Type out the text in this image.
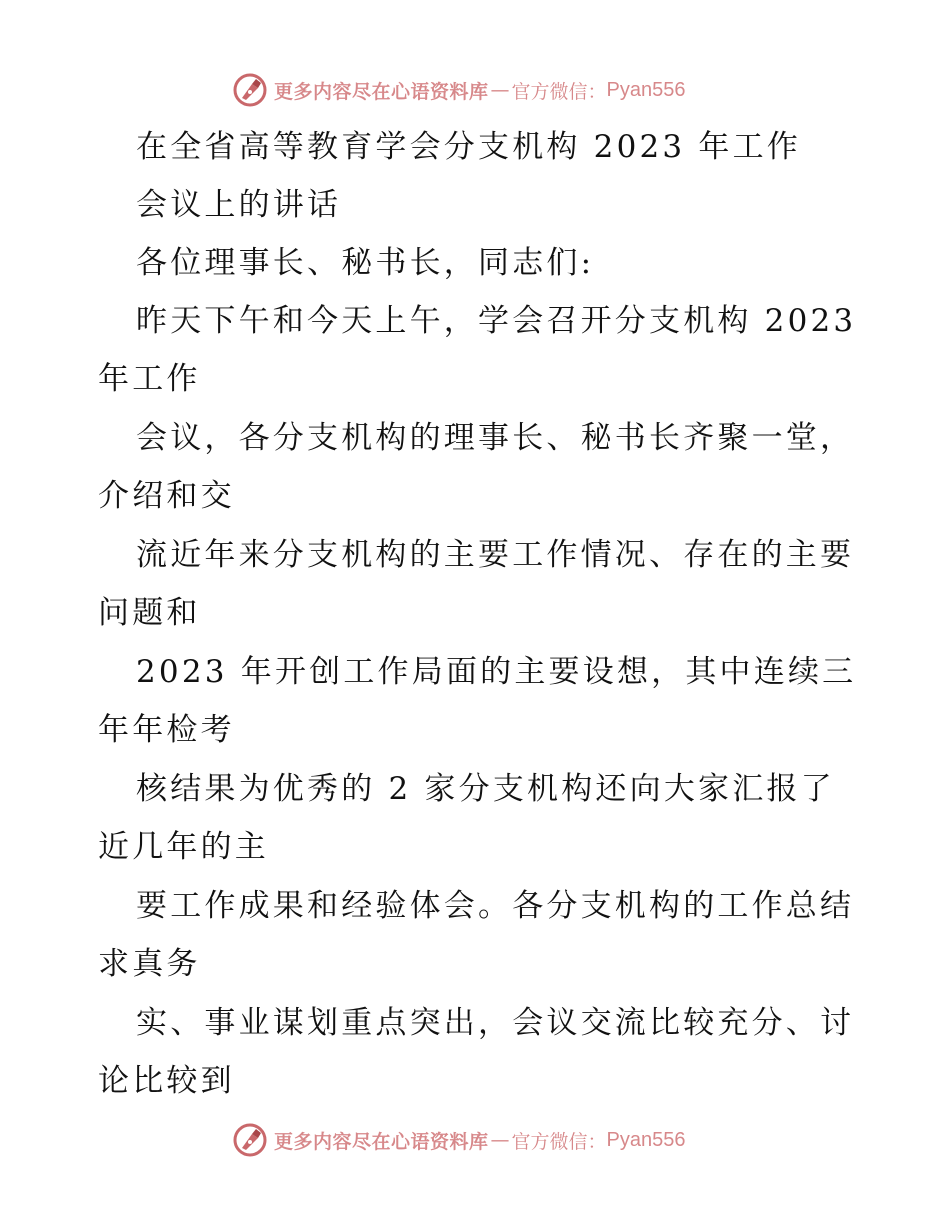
更多内容尽在心语资料库 — 官方微信： Pyan556
在全省高等教育学会分支机构 2023 年工作
会议上的讲话
各位理事长、秘书长，同志们:
昨天下午和今天上午，学会召开分支机构 2023
年工作
会议，各分支机构的理事长、秘书长齐聚一堂，
介绍和交
流近年来分支机构的主要工作情况、存在的主要
问题和
2023 年开创工作局面的主要设想，其中连续三
年年检考
核结果为优秀的 2 家分支机构还向大家汇报了
近几年的主
要工作成果和经验体会。各分支机构的工作总结
求真务
实、事业谋划重点突出，会议交流比较充分、讨
论比较到
更多内容尽在心语资料库 — 官方微信： Pyan556
